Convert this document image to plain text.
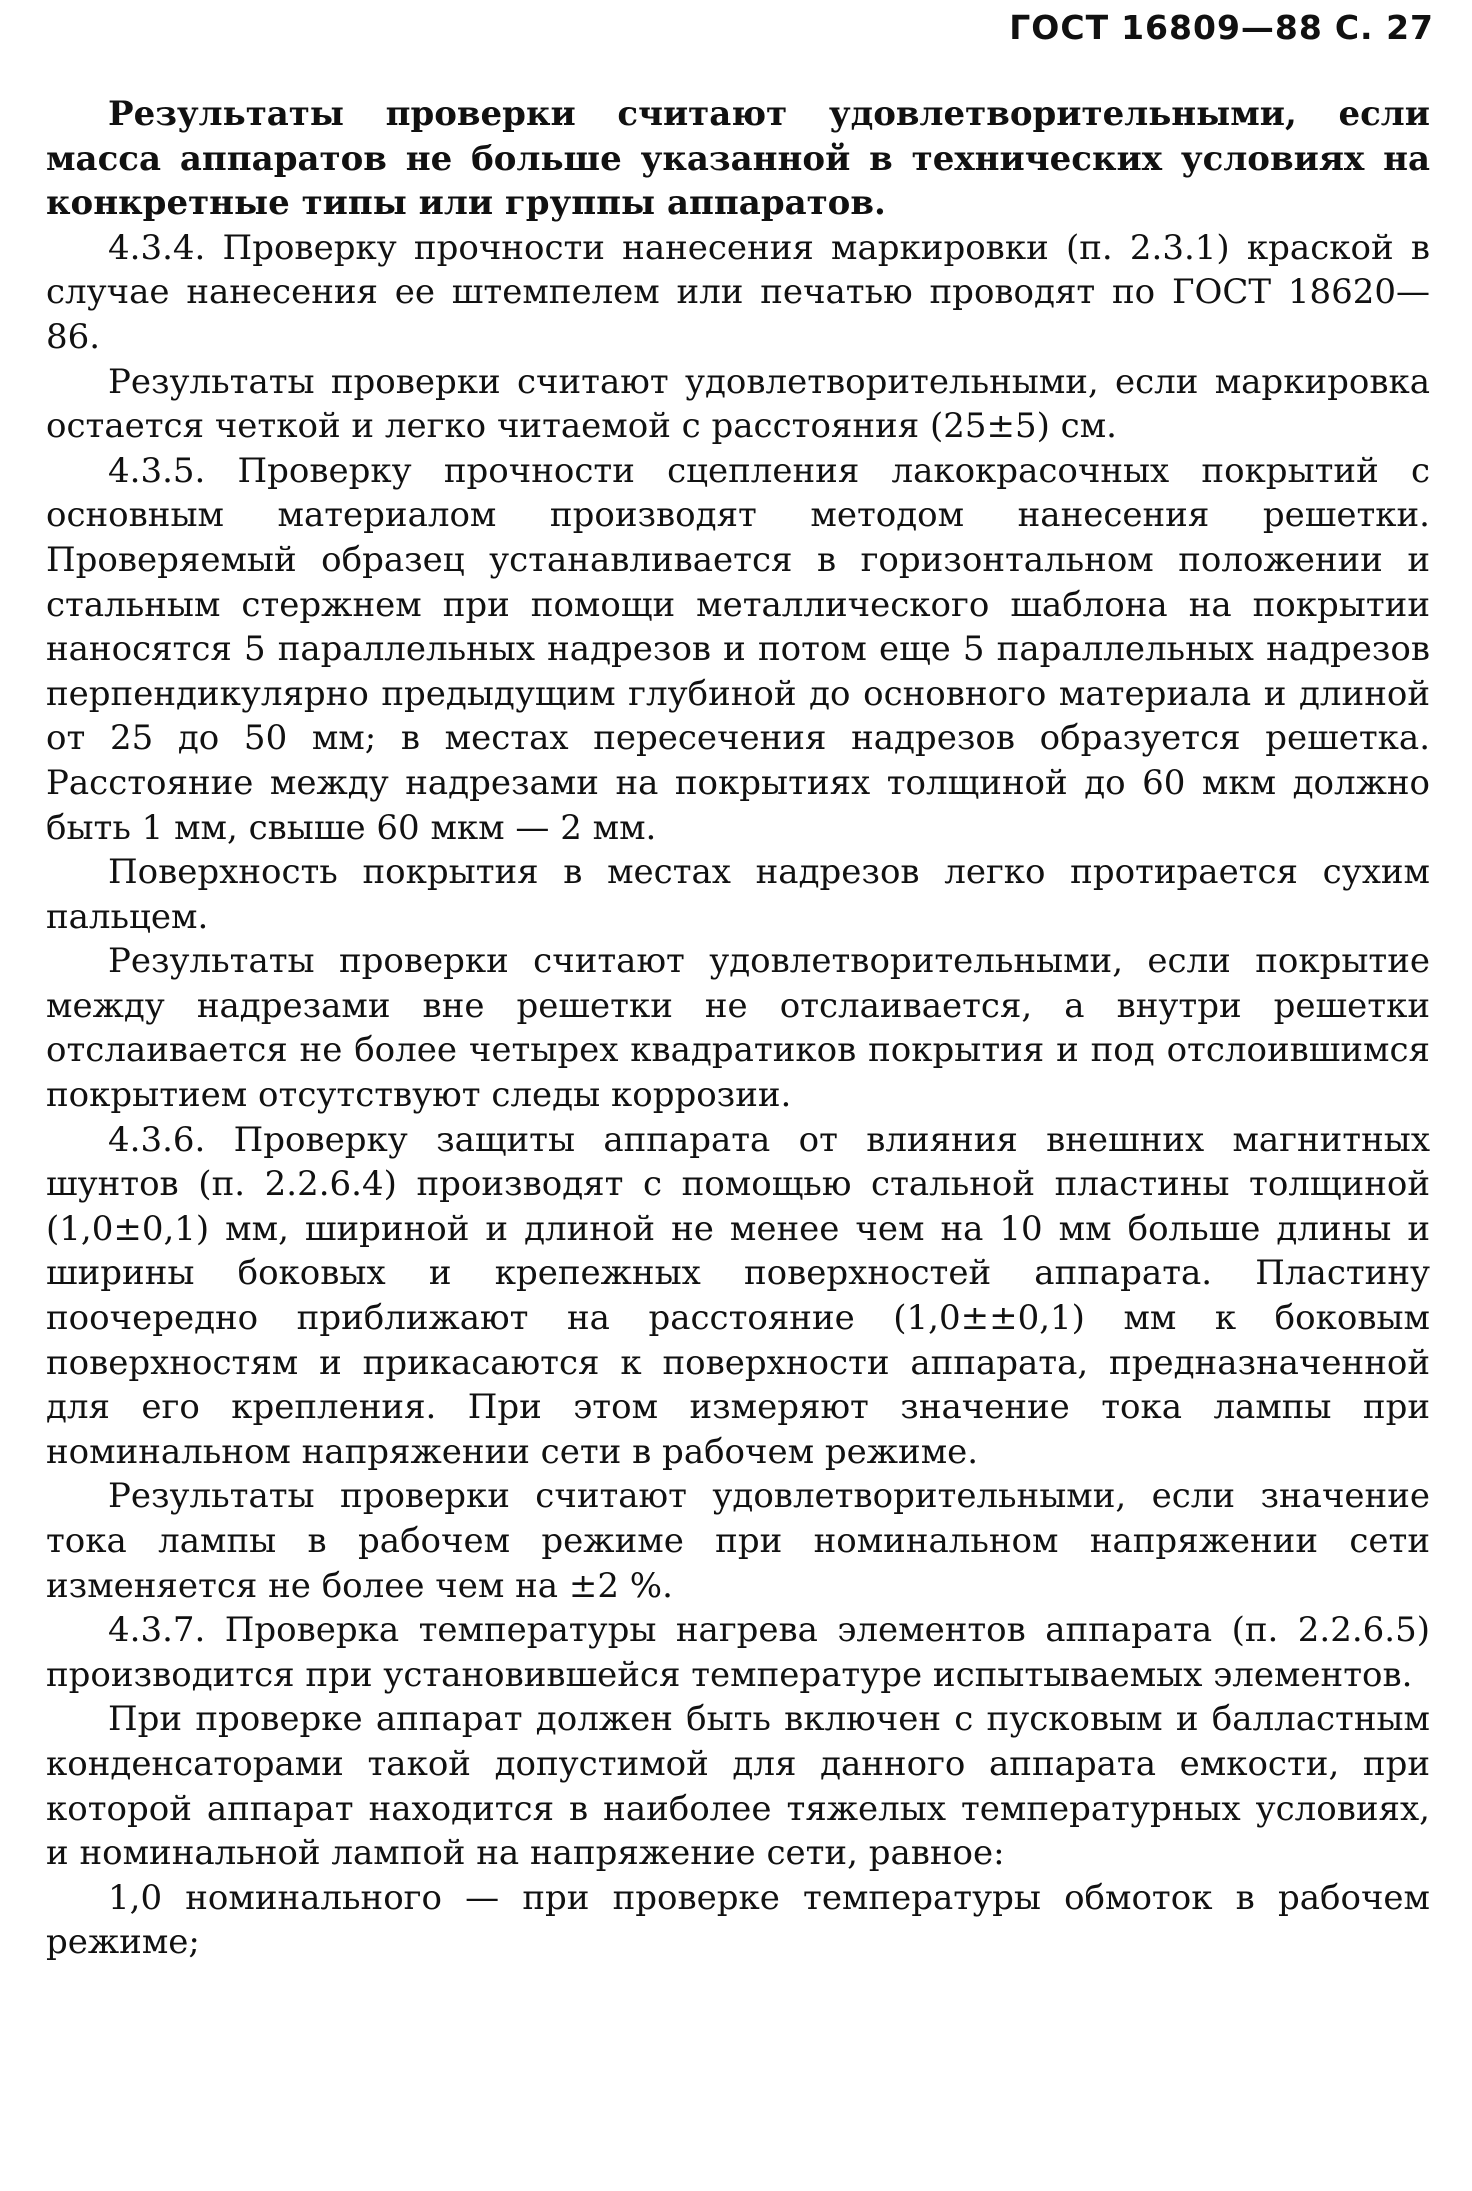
ГОСТ 16809—88 С. 27

Результаты проверки считают удовлетворительными, если масса аппаратов не больше указанной в технических условиях на конкретные типы или группы аппаратов.

4.3.4. Проверку прочности нанесения маркировки (п. 2.3.1) краской в случае нанесения ее штемпелем или печатью проводят по ГОСТ 18620—86.

Результаты проверки считают удовлетворительными, если маркировка остается четкой и легко читаемой с расстояния (25±5) см.

4.3.5. Проверку прочности сцепления лакокрасочных покрытий с основным материалом производят методом нанесения решетки. Проверяемый образец устанавливается в горизонтальном положении и стальным стержнем при помощи металлического шаблона на покрытии наносятся 5 параллельных надрезов и потом еще 5 параллельных надрезов перпендикулярно предыдущим глубиной до основного материала и длиной от 25 до 50 мм; в местах пересечения надрезов образуется решетка. Расстояние между надрезами на покрытиях толщиной до 60 мкм должно быть 1 мм, свыше 60 мкм — 2 мм.

Поверхность покрытия в местах надрезов легко протирается сухим пальцем.

Результаты проверки считают удовлетворительными, если покрытие между надрезами вне решетки не отслаивается, а внутри решетки отслаивается не более четырех квадратиков покрытия и под отслоившимся покрытием отсутствуют следы коррозии.

4.3.6. Проверку защиты аппарата от влияния внешних магнитных шунтов (п. 2.2.6.4) производят с помощью стальной пластины толщиной (1,0±0,1) мм, шириной и длиной не менее чем на 10 мм больше длины и ширины боковых и крепежных поверхностей аппарата. Пластину поочередно приближают на расстояние (1,0±±0,1) мм к боковым поверхностям и прикасаются к поверхности аппарата, предназначенной для его крепления. При этом измеряют значение тока лампы при номинальном напряжении сети в рабочем режиме.

Результаты проверки считают удовлетворительными, если значение тока лампы в рабочем режиме при номинальном напряжении сети изменяется не более чем на ±2 %.

4.3.7. Проверка температуры нагрева элементов аппарата (п. 2.2.6.5) производится при установившейся температуре испытываемых элементов.

При проверке аппарат должен быть включен с пусковым и балластным конденсаторами такой допустимой для данного аппарата емкости, при которой аппарат находится в наиболее тяжелых температурных условиях, и номинальной лампой на напряжение сети, равное:

1,0 номинального — при проверке температуры обмоток в рабочем режиме;
